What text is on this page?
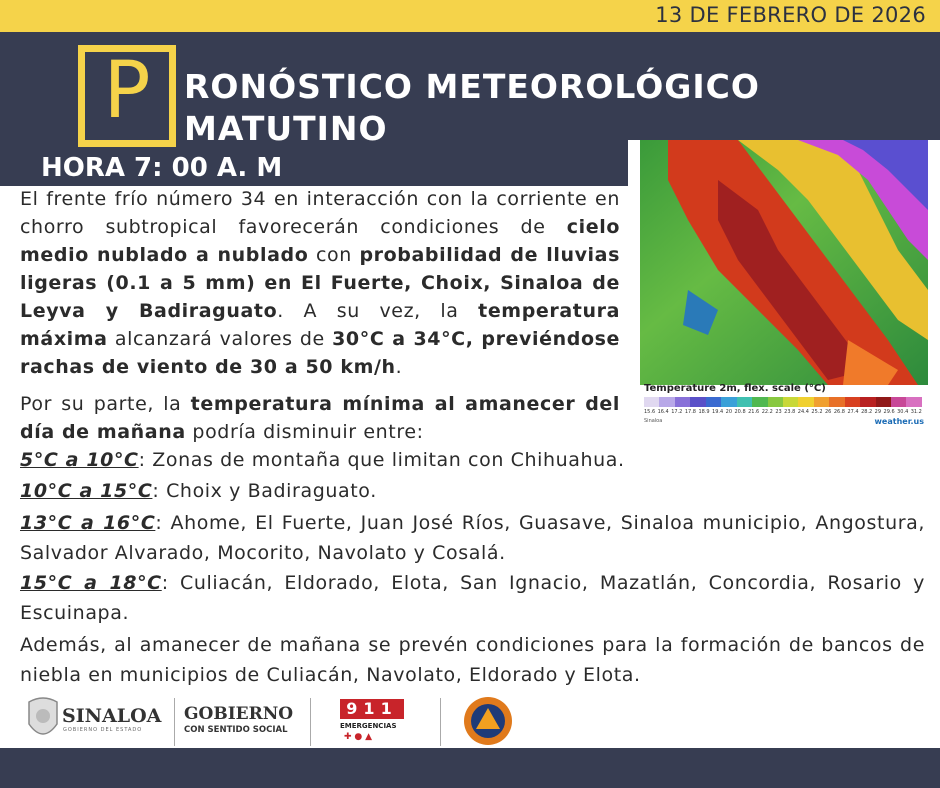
13 DE FEBRERO DE 2026
P	RONÓSTICO METEOROLÓGICO
MATUTINO
HORA 7: 00 A. M
Temperature 2m, flex. scale (°C)
15.6 16.4 17.2 17.8 18.9 19.4 20 20.8 21.6 22.2 23 23.8 24.4 25.2 26 26.8 27.4 28.2 29 29.6 30.4 31.2
Sinaloa	weather.us
El frente frío número 34 en interacción con la corriente en chorro subtropical favorecerán condiciones de cielo medio nublado a nublado con probabilidad de lluvias ligeras (0.1 a 5 mm) en El Fuerte, Choix, Sinaloa de Leyva y Badiraguato. A su vez, la temperatura máxima alcanzará valores de 30°C a 34°C, previéndose rachas de viento de 30 a 50 km/h.
Por su parte, la temperatura mínima al amanecer del día de mañana podría disminuir entre:
5°C a 10°C: Zonas de montaña que limitan con Chihuahua.
10°C a 15°C: Choix y Badiraguato.
13°C a 16°C: Ahome, El Fuerte, Juan José Ríos, Guasave, Sinaloa municipio, Angostura, Salvador Alvarado, Mocorito, Navolato y Cosalá.
15°C a 18°C: Culiacán, Eldorado, Elota, San Ignacio, Mazatlán, Concordia, Rosario y Escuinapa.
Además, al amanecer de mañana se prevén condiciones para la formación de bancos de niebla en municipios de Culiacán, Navolato, Eldorado y Elota.
SINALOA
GOBIERNO DEL ESTADO
GOBIERNO
CON SENTIDO SOCIAL
911
EMERGENCIAS
✚ ● ▲
